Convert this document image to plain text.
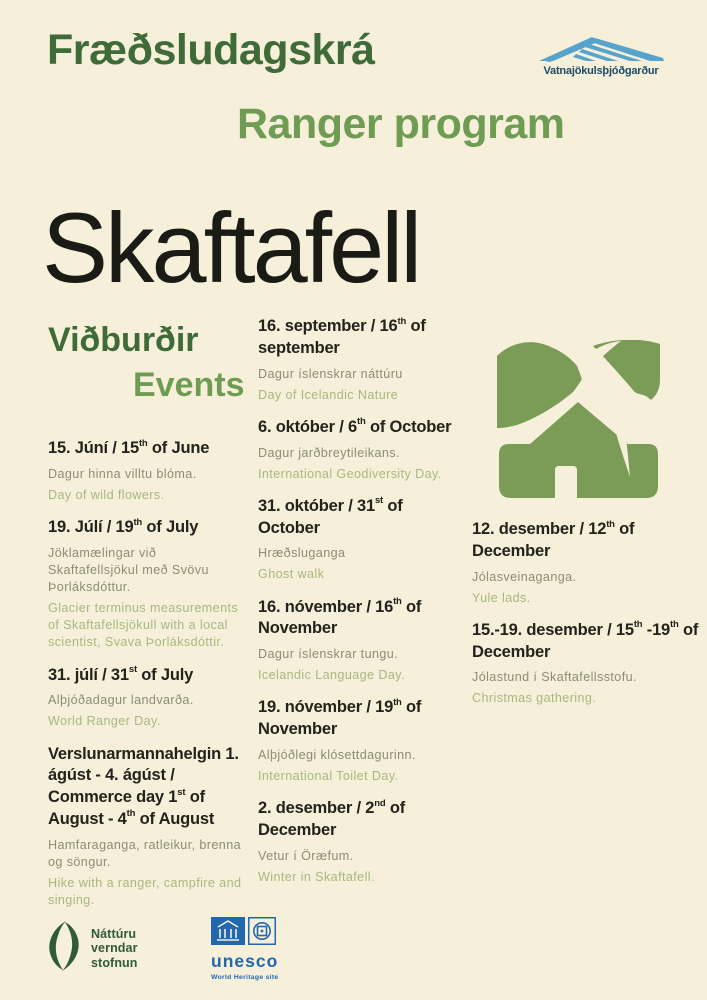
Fræðsludagskrá
Ranger program
Vatnajökulsþjóðgarður
Skaftafell
Viðburðir
Events
15. Júní / 15th of June

Dagur hinna villtu blóma.

Day of wild flowers.

19. Júlí / 19th of July

Jöklamælingar við Skaftafellsjökul með Svövu Þorláksdóttur.

Glacier terminus measurements of Skaftafellsjökull with a local scientist, Svava Þorláksdóttir.

31. júlí / 31st of July

Alþjóðadagur landvarða.

World Ranger Day.

Verslunarmannahelgin 1. ágúst - 4. ágúst / Commerce day 1st of August - 4th of August

Hamfaraganga, ratleikur, brenna og söngur.

Hike with a ranger, campfire and singing.

16. september / 16th of september

Dagur íslenskrar náttúru

Day of Icelandic Nature

6. október / 6th of October

Dagur jarðbreytileikans.

International Geodiversity Day.

31. október / 31st of October

Hræðsluganga

Ghost walk

16. nóvember / 16th of November

Dagur íslenskrar tungu.

Icelandic Language Day.

19. nóvember / 19th of November

Alþjóðlegi klósettdagurinn.

International Toilet Day.

2. desember / 2nd of December

Vetur í Öræfum.

Winter in Skaftafell.

12. desember / 12th of December

Jólasveinaganga.

Yule lads.

15.-19. desember / 15th -19th of December

Jólastund í Skaftafellsstofu.

Christmas gathering.

Náttúru
verndar
stofnun	unesco
World Heritage site
